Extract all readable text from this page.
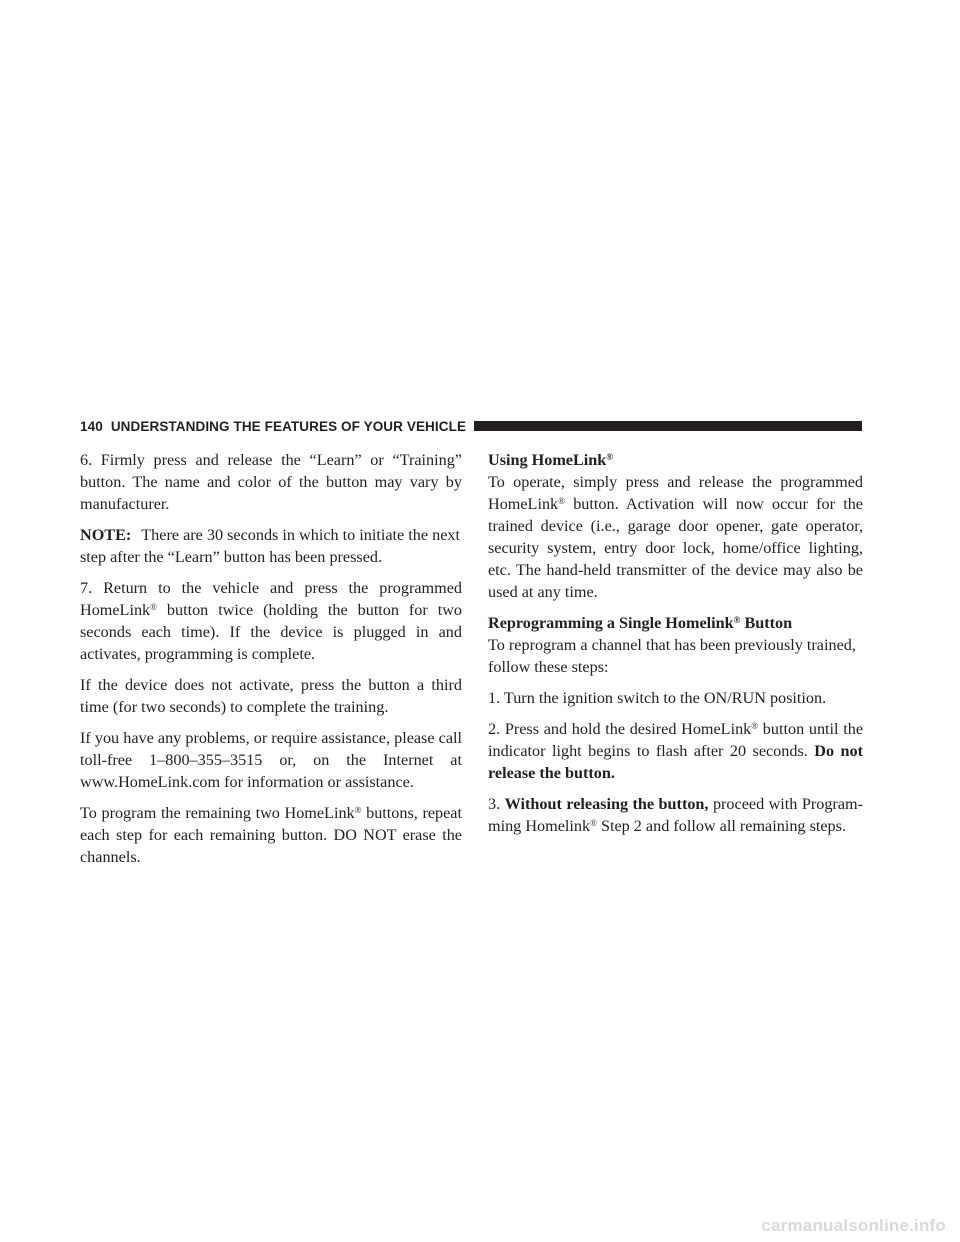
140 UNDERSTANDING THE FEATURES OF YOUR VEHICLE

6. Firmly press and release the “Learn” or “Training” button. The name and color of the button may vary by manufacturer.

NOTE: There are 30 seconds in which to initiate the next step after the “Learn” button has been pressed.

7. Return to the vehicle and press the programmed HomeLink® button twice (holding the button for two seconds each time). If the device is plugged in and activates, programming is complete.

If the device does not activate, press the button a third time (for two seconds) to complete the training.

If you have any problems, or require assistance, please call toll-free 1–800–355–3515 or, on the Internet at www.HomeLink.com for information or assistance.

To program the remaining two HomeLink® buttons, repeat each step for each remaining button. DO NOT erase the channels.

Using HomeLink®

To operate, simply press and release the programmed HomeLink® button. Activation will now occur for the trained device (i.e., garage door opener, gate operator, security system, entry door lock, home/office lighting, etc. The hand-held transmitter of the device may also be used at any time.

Reprogramming a Single Homelink® Button

To reprogram a channel that has been previously trained, follow these steps:

1. Turn the ignition switch to the ON/RUN position.

2. Press and hold the desired HomeLink® button until the indicator light begins to flash after 20 seconds. Do not release the button.

3. Without releasing the button, proceed with Program-ming Homelink® Step 2 and follow all remaining steps.

carmanualsonline.info
